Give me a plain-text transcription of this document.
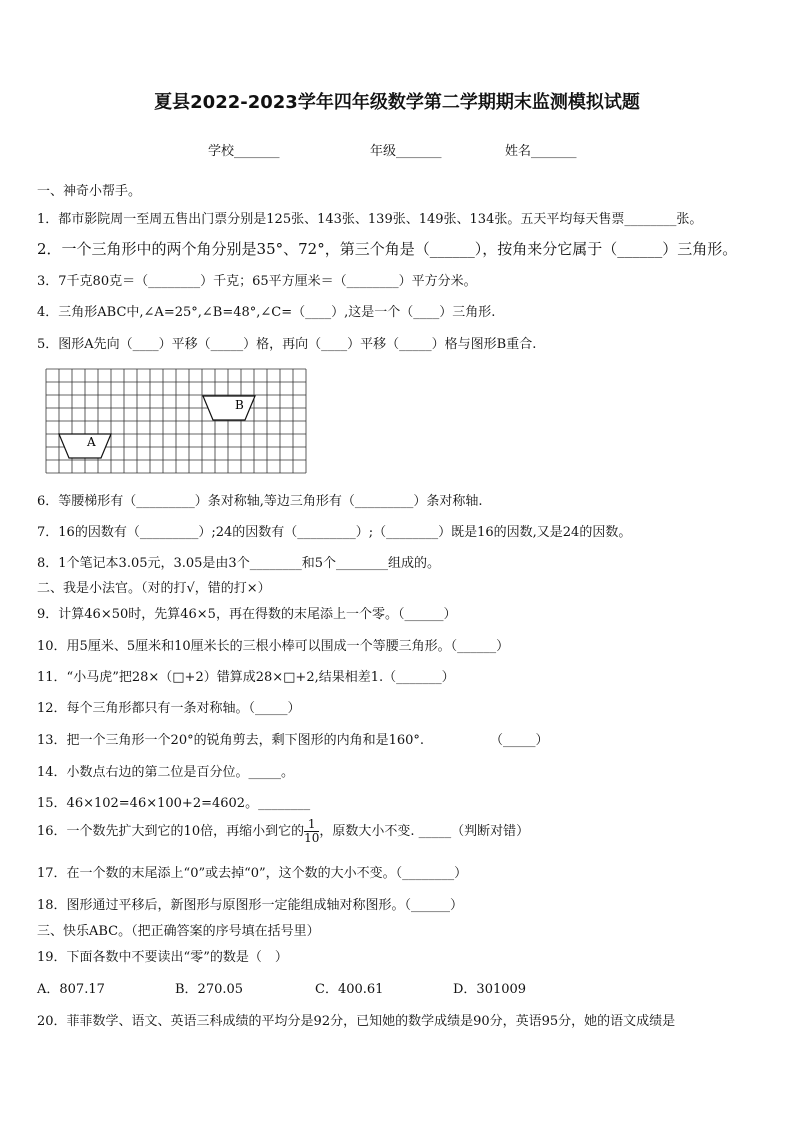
夏县2022-2023学年四年级数学第二学期期末监测模拟试题
学校_______	年级_______	姓名_______
一、神奇小帮手。
1．都市影院周一至周五售出门票分别是125张、143张、139张、149张、134张。五天平均每天售票________张。
2．一个三角形中的两个角分别是35°、72°，第三个角是（______），按角来分它属于（______）三角形。
3．7千克80克＝（________）千克；65平方厘米＝（________）平方分米。
4．三角形ABC中,∠A=25°,∠B=48°,∠C=（____）,这是一个（____）三角形.
5．图形A先向（____）平移（_____）格，再向（____）平移（_____）格与图形B重合.
B
A
6．等腰梯形有（_________）条对称轴,等边三角形有（_________）条对称轴.
7．16的因数有（_________）;24的因数有（_________）;（________）既是16的因数,又是24的因数。
8．1个笔记本3.05元，3.05是由3个________和5个________组成的。
二、我是小法官。（对的打√，错的打×）
9．计算46×50时，先算46×5，再在得数的末尾添上一个零。（______）
10．用5厘米、5厘米和10厘米长的三根小棒可以围成一个等腰三角形。（______）
11．“小马虎”把28×（□+2）错算成28×□+2,结果相差1.（_______）
12．每个三角形都只有一条对称轴。（_____）
13．把一个三角形一个20°的锐角剪去，剩下图形的内角和是160°.	（_____）
14．小数点右边的第二位是百分位。_____。
15．46×102=46×100+2=4602。________
16．一个数先扩大到它的10倍，再缩小到它的 $\frac{1}{10}$ ，原数大小不变. _____（判断对错）
17．在一个数的末尾添上“0”或去掉“0”，这个数的大小不变。（________）
18．图形通过平移后，新图形与原图形一定能组成轴对称图形。（______）
三、快乐ABC。（把正确答案的序号填在括号里）
19．下面各数中不要读出“零”的数是（　）
A．807.17	B．270.05	C．400.61	D．301009
20．菲菲数学、语文、英语三科成绩的平均分是92分，已知她的数学成绩是90分，英语95分，她的语文成绩是
